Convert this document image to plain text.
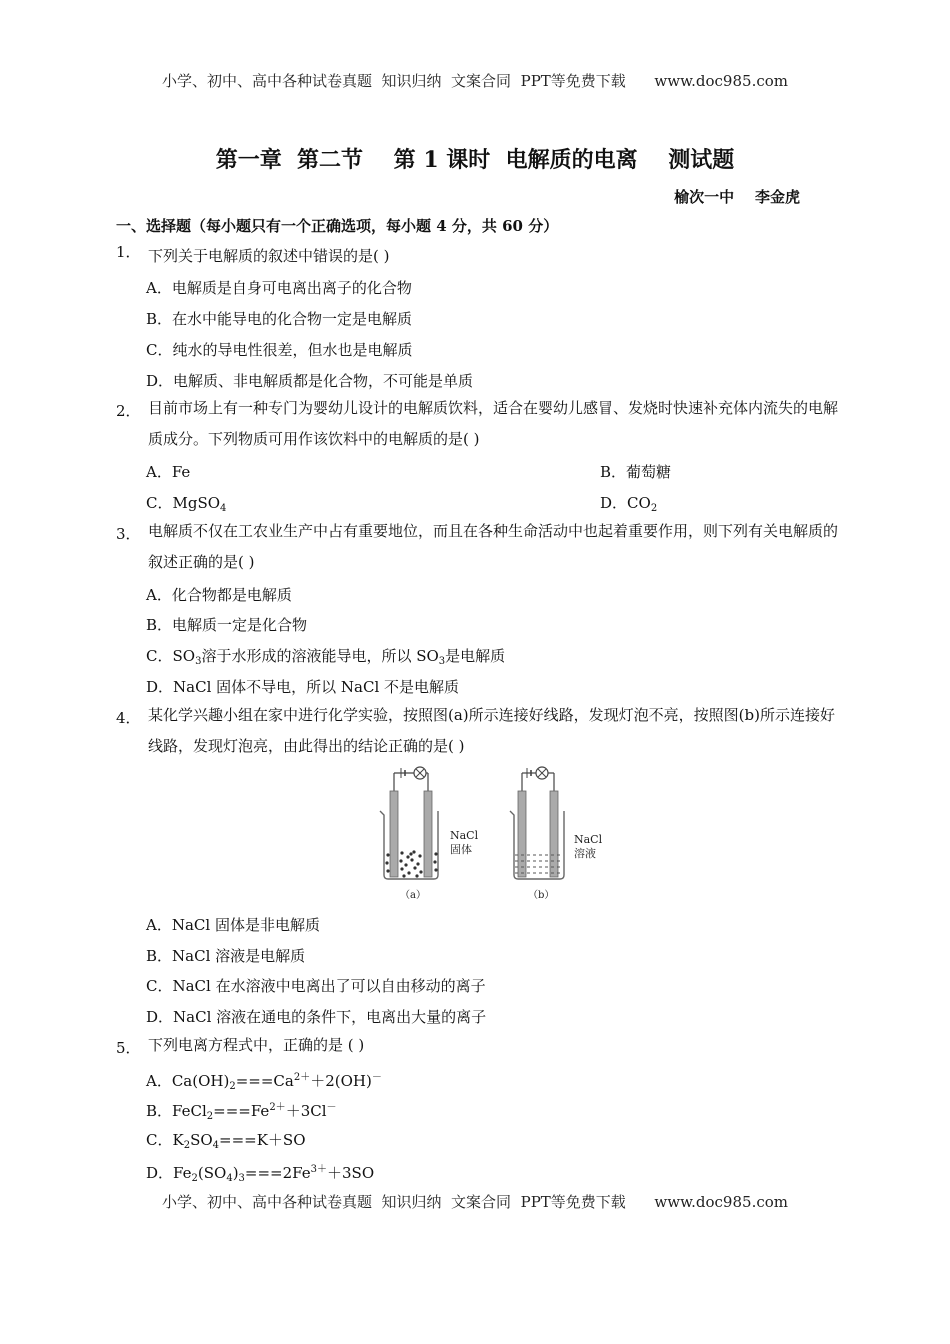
小学、初中、高中各种试卷真题  知识归纳  文案合同  PPT等免费下载      www.doc985.com
小学、初中、高中各种试卷真题  知识归纳  文案合同  PPT等免费下载      www.doc985.com
第一章  第二节    第 1 课时  电解质的电离    测试题
榆次一中    李金虎
一、选择题（每小题只有一个正确选项，每小题 4 分，共 60 分）
1． 下列关于电解质的叙述中错误的是( )
A．电解质是自身可电离出离子的化合物
B．在水中能导电的化合物一定是电解质
C．纯水的导电性很差，但水也是电解质
D．电解质、非电解质都是化合物，不可能是单质
2． 目前市场上有一种专门为婴幼儿设计的电解质饮料，适合在婴幼儿感冒、发烧时快速补充体内流失的电解质成分。下列物质可用作该饮料中的电解质的是( )
A．Fe	B．葡萄糖
C．MgSO$_4$	D．$CO_2$
3． 电解质不仅在工农业生产中占有重要地位，而且在各种生命活动中也起着重要作用，则下列有关电解质的叙述正确的是( )
A．化合物都是电解质
B．电解质一定是化合物
C．$SO_3$溶于水形成的溶液能导电，所以 $SO_3$是电解质
D．NaCl 固体不导电，所以 NaCl 不是电解质
4． 某化学兴趣小组在家中进行化学实验，按照图(a)所示连接好线路，发现灯泡不亮，按照图(b)所示连接好线路，发现灯泡亮，由此得出的结论正确的是( )
NaCl
固体
（a）
NaCl
溶液
（b）
A．NaCl 固体是非电解质
B．NaCl 溶液是电解质
C．NaCl 在水溶液中电离出了可以自由移动的离子
D．NaCl 溶液在通电的条件下，电离出大量的离子
5． 下列电离方程式中，正确的是 ( )
A．$Ca(OH)_2===Ca^{2+}+2(OH)^-$
B．$FeCl_2===Fe^{2+}+3Cl^-$
C．$K_2SO_4===K+SO$
D．$Fe_2(SO_4)_3===2Fe^{3+}+3SO$
